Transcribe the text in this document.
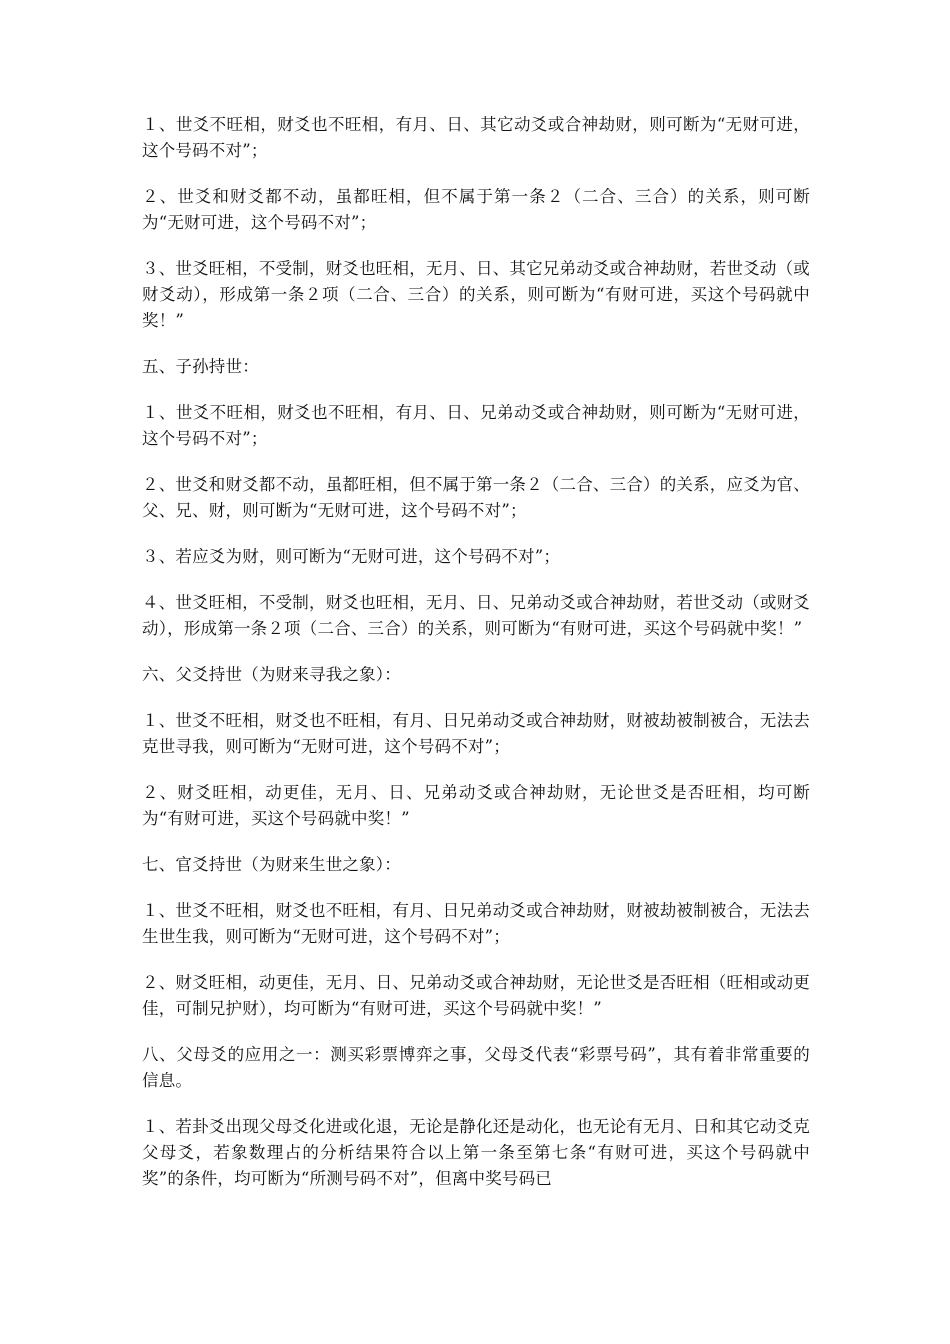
１、世爻不旺相，财爻也不旺相，有月、日、其它动爻或合神劫财，则可断为“无财可进，这个号码不对”；

２、世爻和财爻都不动，虽都旺相，但不属于第一条２（二合、三合）的关系，则可断为“无财可进，这个号码不对”；

３、世爻旺相，不受制，财爻也旺相，无月、日、其它兄弟动爻或合神劫财，若世爻动（或财爻动），形成第一条２项（二合、三合）的关系，则可断为“有财可进，买这个号码就中奖！”

五、子孙持世：

１、世爻不旺相，财爻也不旺相，有月、日、兄弟动爻或合神劫财，则可断为“无财可进，这个号码不对”；

２、世爻和财爻都不动，虽都旺相，但不属于第一条２（二合、三合）的关系，应爻为官、父、兄、财，则可断为“无财可进，这个号码不对”；

３、若应爻为财，则可断为“无财可进，这个号码不对”；

４、世爻旺相，不受制，财爻也旺相，无月、日、兄弟动爻或合神劫财，若世爻动（或财爻动），形成第一条２项（二合、三合）的关系，则可断为“有财可进，买这个号码就中奖！”

六、父爻持世（为财来寻我之象）：

１、世爻不旺相，财爻也不旺相，有月、日兄弟动爻或合神劫财，财被劫被制被合，无法去克世寻我，则可断为“无财可进，这个号码不对”；

２、财爻旺相，动更佳，无月、日、兄弟动爻或合神劫财，无论世爻是否旺相，均可断为“有财可进，买这个号码就中奖！”

七、官爻持世（为财来生世之象）：

１、世爻不旺相，财爻也不旺相，有月、日兄弟动爻或合神劫财，财被劫被制被合，无法去生世生我，则可断为“无财可进，这个号码不对”；

２、财爻旺相，动更佳，无月、日、兄弟动爻或合神劫财，无论世爻是否旺相（旺相或动更佳，可制兄护财），均可断为“有财可进，买这个号码就中奖！”

八、父母爻的应用之一：测买彩票博弈之事，父母爻代表“彩票号码”，其有着非常重要的信息。

１、若卦爻出现父母爻化进或化退，无论是静化还是动化，也无论有无月、日和其它动爻克父母爻，若象数理占的分析结果符合以上第一条至第七条“有财可进，买这个号码就中奖”的条件，均可断为“所测号码不对”，但离中奖号码已
